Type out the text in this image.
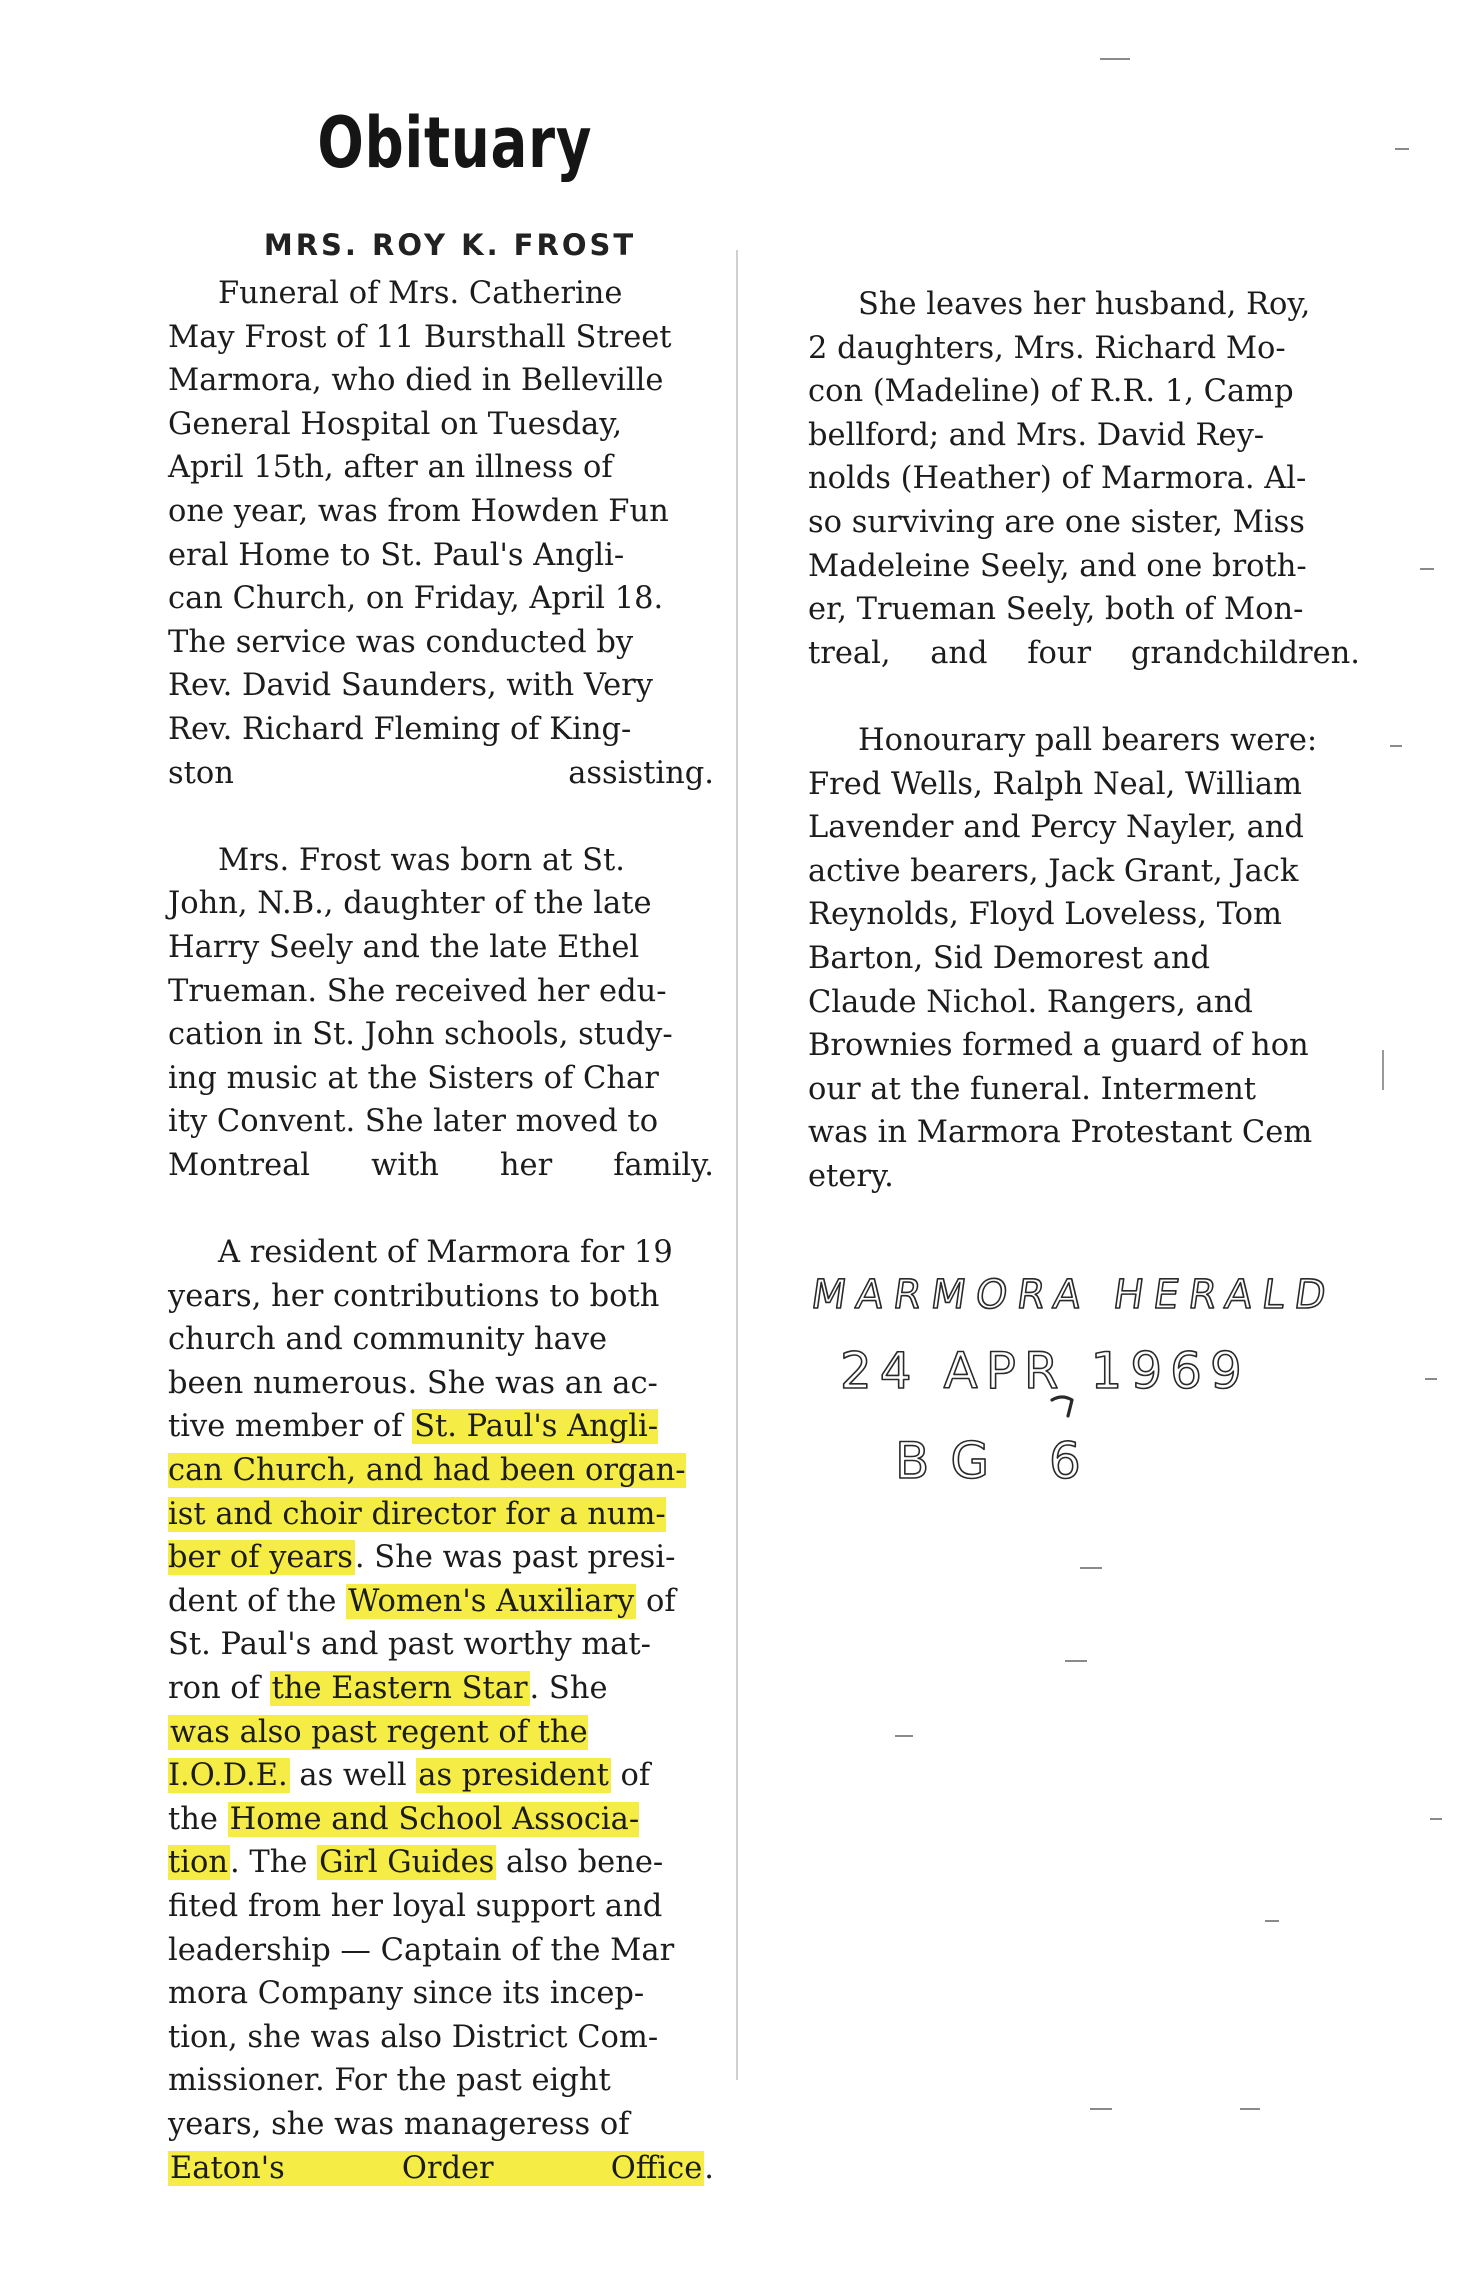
Obituary
MRS. ROY K. FROST

Funeral of Mrs. Catherine
May Frost of 11 Bursthall Street
Marmora, who died in Belleville
General Hospital on Tuesday,
April 15th, after an illness of
one year, was from Howden Fun
eral Home to St. Paul's Angli-
can Church, on Friday, April 18.
The service was conducted by
Rev. David Saunders, with Very
Rev. Richard Fleming of King-
ston assisting.

Mrs. Frost was born at St.
John, N.B., daughter of the late
Harry Seely and the late Ethel
Trueman. She received her edu-
cation in St. John schools, study-
ing music at the Sisters of Char
ity Convent. She later moved to
Montreal with her family.

A resident of Marmora for 19
years, her contributions to both
church and community have
been numerous. She was an ac-
tive member of St. Paul's Angli-
can Church, and had been organ-
ist and choir director for a num-
ber of years. She was past presi-
dent of the Women's Auxiliary of
St. Paul's and past worthy mat-
ron of the Eastern Star. She
was also past regent of the
I.O.D.E. as well as president of
the Home and School Associa-
tion. The Girl Guides also bene-
fited from her loyal support and
leadership — Captain of the Mar
mora Company since its incep-
tion, she was also District Com-
missioner. For the past eight
years, she was manageress of
Eaton's Order Office.

She leaves her husband, Roy,
2 daughters, Mrs. Richard Mo-
con (Madeline) of R.R. 1, Camp
bellford; and Mrs. David Rey-
nolds (Heather) of Marmora. Al-
so surviving are one sister, Miss
Madeleine Seely, and one broth-
er, Trueman Seely, both of Mon-
treal, and four grandchildren.

Honourary pall bearers were:
Fred Wells, Ralph Neal, William
Lavender and Percy Nayler, and
active bearers, Jack Grant, Jack
Reynolds, Floyd Loveless, Tom
Barton, Sid Demorest and
Claude Nichol. Rangers, and
Brownies formed a guard of hon
our at the funeral. Interment
was in Marmora Protestant Cem
etery.

MARMORA HERALD
24 APR 1969
BG 6
